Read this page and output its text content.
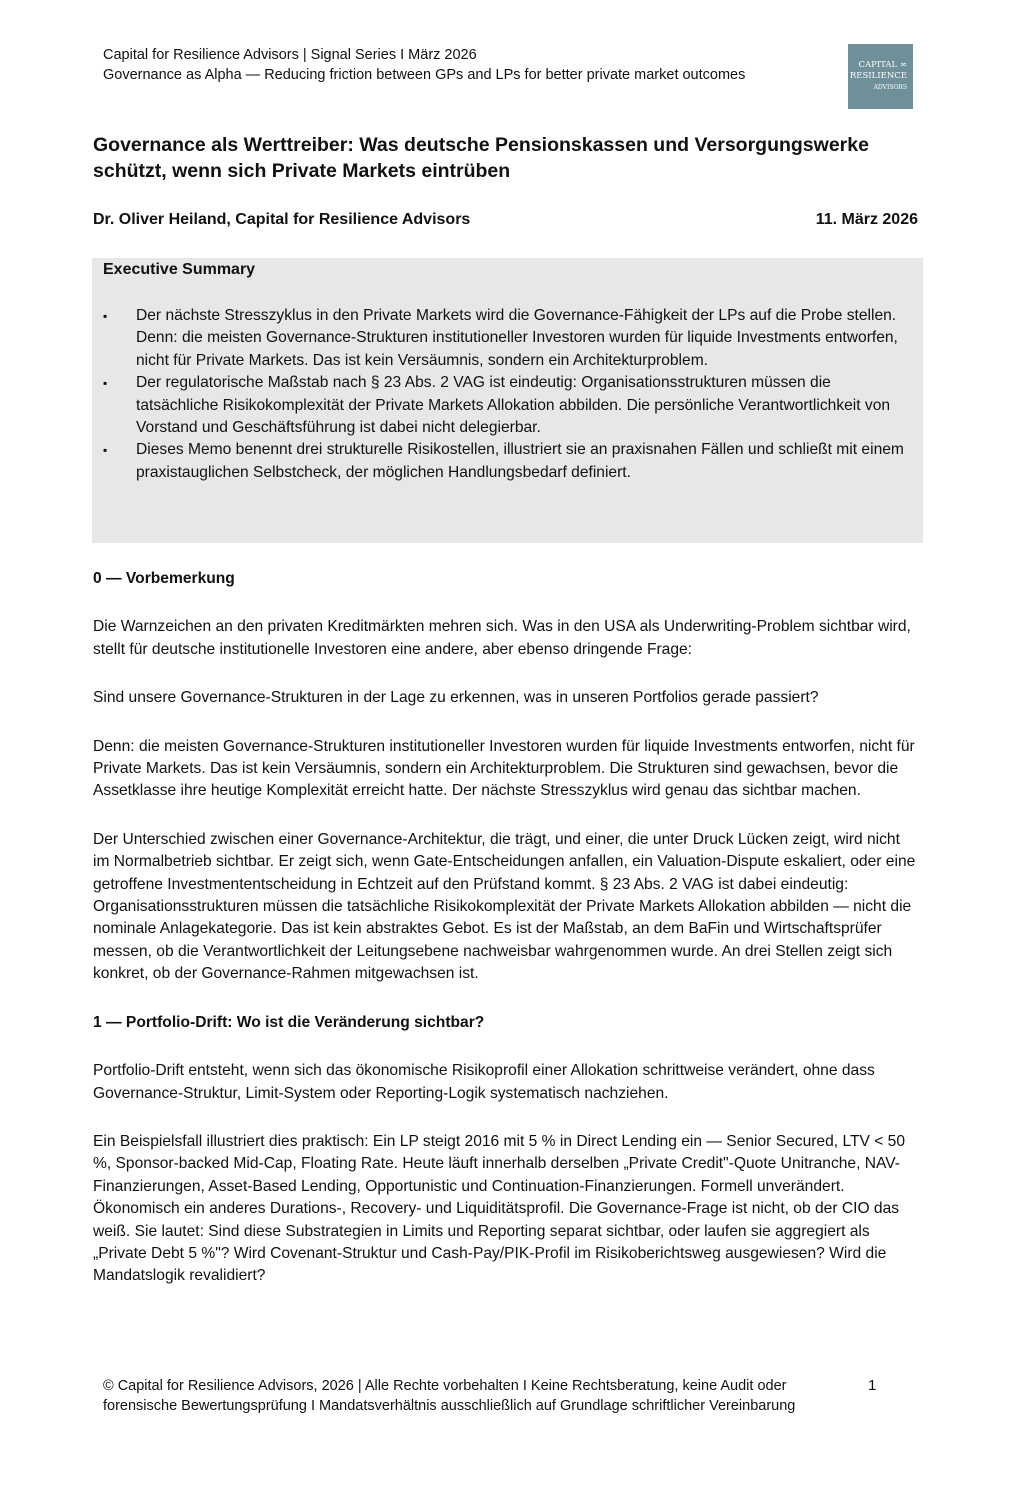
Capital for Resilience Advisors | Signal Series I März 2026
Governance as Alpha — Reducing friction between GPs and LPs for better private market outcomes
CAPITAL ∞
RESILIENCE
ADVISORS
Governance als Werttreiber: Was deutsche Pensionskassen und Versorgungswerke schützt, wenn sich Private Markets eintrüben
Dr. Oliver Heiland, Capital for Resilience Advisors	11. März 2026
Executive Summary
▪ Der nächste Stresszyklus in den Private Markets wird die Governance-Fähigkeit der LPs auf die Probe stellen. Denn: die meisten Governance-Strukturen institutioneller Investoren wurden für liquide Investments entworfen, nicht für Private Markets. Das ist kein Versäumnis, sondern ein Architekturproblem.
▪ Der regulatorische Maßstab nach § 23 Abs. 2 VAG ist eindeutig: Organisationsstrukturen müssen die tatsächliche Risikokomplexität der Private Markets Allokation abbilden. Die persönliche Verantwortlichkeit von Vorstand und Geschäftsführung ist dabei nicht delegierbar.
▪ Dieses Memo benennt drei strukturelle Risikostellen, illustriert sie an praxisnahen Fällen und schließt mit einem praxistauglichen Selbstcheck, der möglichen Handlungsbedarf definiert.
0 — Vorbemerkung

Die Warnzeichen an den privaten Kreditmärkten mehren sich. Was in den USA als Underwriting-Problem sichtbar wird, stellt für deutsche institutionelle Investoren eine andere, aber ebenso dringende Frage:

Sind unsere Governance-Strukturen in der Lage zu erkennen, was in unseren Portfolios gerade passiert?

Denn: die meisten Governance-Strukturen institutioneller Investoren wurden für liquide Investments entworfen, nicht für Private Markets. Das ist kein Versäumnis, sondern ein Architekturproblem. Die Strukturen sind gewachsen, bevor die Assetklasse ihre heutige Komplexität erreicht hatte. Der nächste Stresszyklus wird genau das sichtbar machen.

Der Unterschied zwischen einer Governance-Architektur, die trägt, und einer, die unter Druck Lücken zeigt, wird nicht im Normalbetrieb sichtbar. Er zeigt sich, wenn Gate-Entscheidungen anfallen, ein Valuation-Dispute eskaliert, oder eine getroffene Investmententscheidung in Echtzeit auf den Prüfstand kommt. § 23 Abs. 2 VAG ist dabei eindeutig: Organisationsstrukturen müssen die tatsächliche Risikokomplexität der Private Markets Allokation abbilden — nicht die nominale Anlagekategorie. Das ist kein abstraktes Gebot. Es ist der Maßstab, an dem BaFin und Wirtschaftsprüfer messen, ob die Verantwortlichkeit der Leitungsebene nachweisbar wahrgenommen wurde. An drei Stellen zeigt sich konkret, ob der Governance-Rahmen mitgewachsen ist.

1 — Portfolio-Drift: Wo ist die Veränderung sichtbar?

Portfolio-Drift entsteht, wenn sich das ökonomische Risikoprofil einer Allokation schrittweise verändert, ohne dass Governance-Struktur, Limit-System oder Reporting-Logik systematisch nachziehen.

Ein Beispielsfall illustriert dies praktisch: Ein LP steigt 2016 mit 5 % in Direct Lending ein — Senior Secured, LTV < 50 %, Sponsor-backed Mid-Cap, Floating Rate. Heute läuft innerhalb derselben „Private Credit"-Quote Unitranche, NAV-Finanzierungen, Asset-Based Lending, Opportunistic und Continuation-Finanzierungen. Formell unverändert. Ökonomisch ein anderes Durations-, Recovery- und Liquiditätsprofil. Die Governance-Frage ist nicht, ob der CIO das weiß. Sie lautet: Sind diese Substrategien in Limits und Reporting separat sichtbar, oder laufen sie aggregiert als „Private Debt 5 %"? Wird Covenant-Struktur und Cash-Pay/PIK-Profil im Risikoberichtsweg ausgewiesen? Wird die Mandatslogik revalidiert?

© Capital for Resilience Advisors, 2026 | Alle Rechte vorbehalten I Keine Rechtsberatung, keine Audit oder forensische Bewertungsprüfung I Mandatsverhältnis ausschließlich auf Grundlage schriftlicher Vereinbarung
1
